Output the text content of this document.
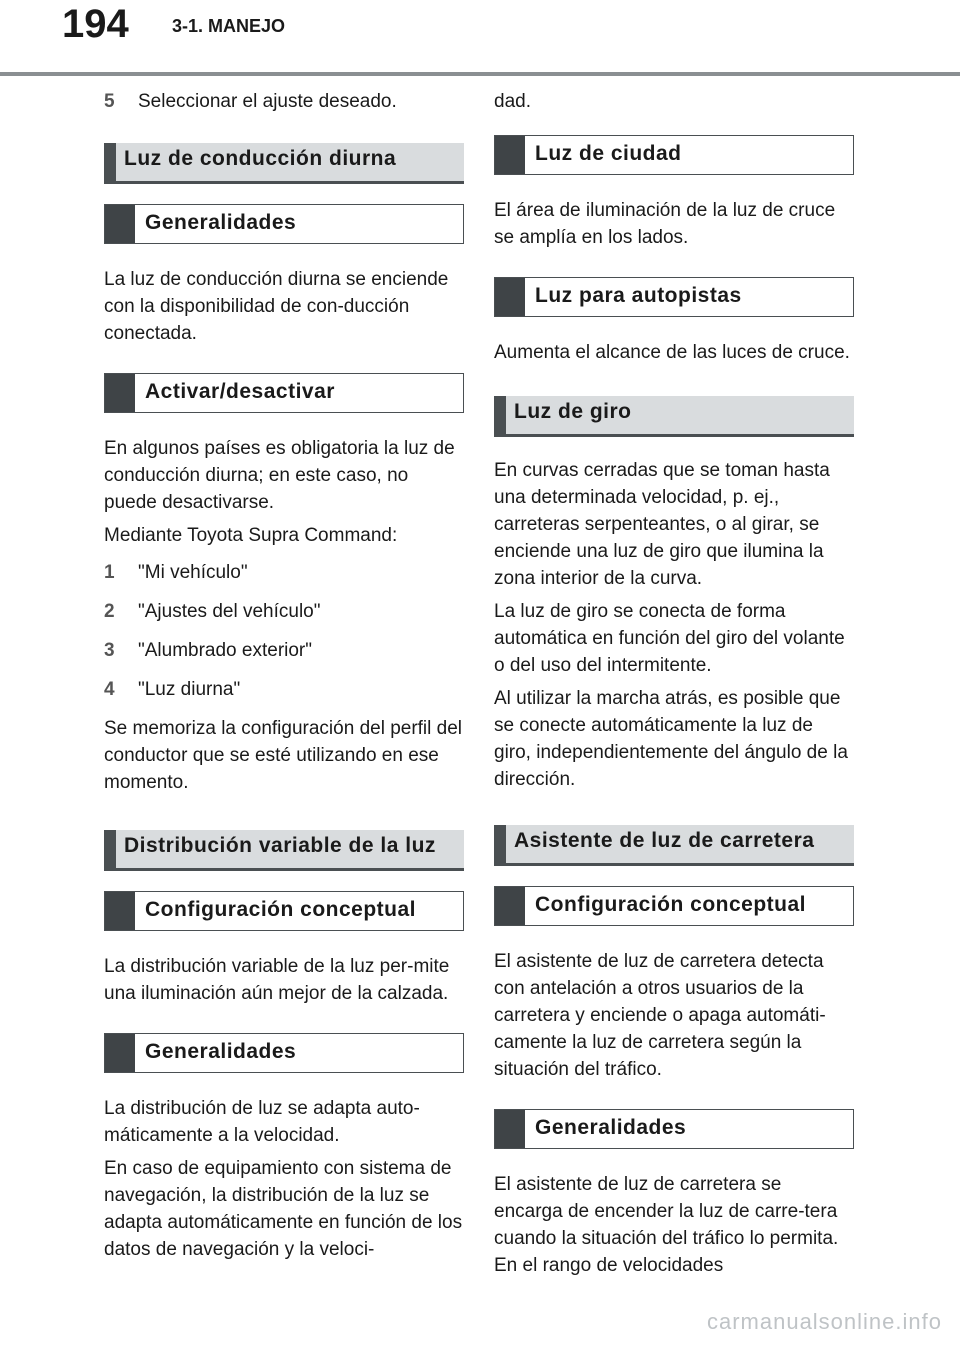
194 3-1. MANEJO
5	Seleccionar el ajuste deseado.
Luz de conducción diurna
Generalidades

La luz de conducción diurna se enciende con la disponibilidad de con-ducción conectada.

Activar/desactivar

En algunos países es obligatoria la luz de conducción diurna; en este caso, no puede desactivarse.

Mediante Toyota Supra Command:

1	"Mi vehículo"
2	"Ajustes del vehículo"
3	"Alumbrado exterior"
4	"Luz diurna"

Se memoriza la configuración del perfil del conductor que se esté utilizando en ese momento.

Distribución variable de la luz
Configuración conceptual

La distribución variable de la luz per-mite una iluminación aún mejor de la calzada.

Generalidades

La distribución de luz se adapta auto-máticamente a la velocidad.

En caso de equipamiento con sistema de navegación, la distribución de la luz se adapta automáticamente en función de los datos de navegación y la veloci-

dad.

Luz de ciudad

El área de iluminación de la luz de cruce se amplía en los lados.

Luz para autopistas

Aumenta el alcance de las luces de cruce.

Luz de giro

En curvas cerradas que se toman hasta una determinada velocidad, p. ej., carreteras serpenteantes, o al girar, se enciende una luz de giro que ilumina la zona interior de la curva.

La luz de giro se conecta de forma automática en función del giro del volante o del uso del intermitente.

Al utilizar la marcha atrás, es posible que se conecte automáticamente la luz de giro, independientemente del ángulo de la dirección.

Asistente de luz de carretera
Configuración conceptual

El asistente de luz de carretera detecta con antelación a otros usuarios de la carretera y enciende o apaga automáti-camente la luz de carretera según la situación del tráfico.

Generalidades

El asistente de luz de carretera se encarga de encender la luz de carre-tera cuando la situación del tráfico lo permita. En el rango de velocidades

carmanualsonline.info
